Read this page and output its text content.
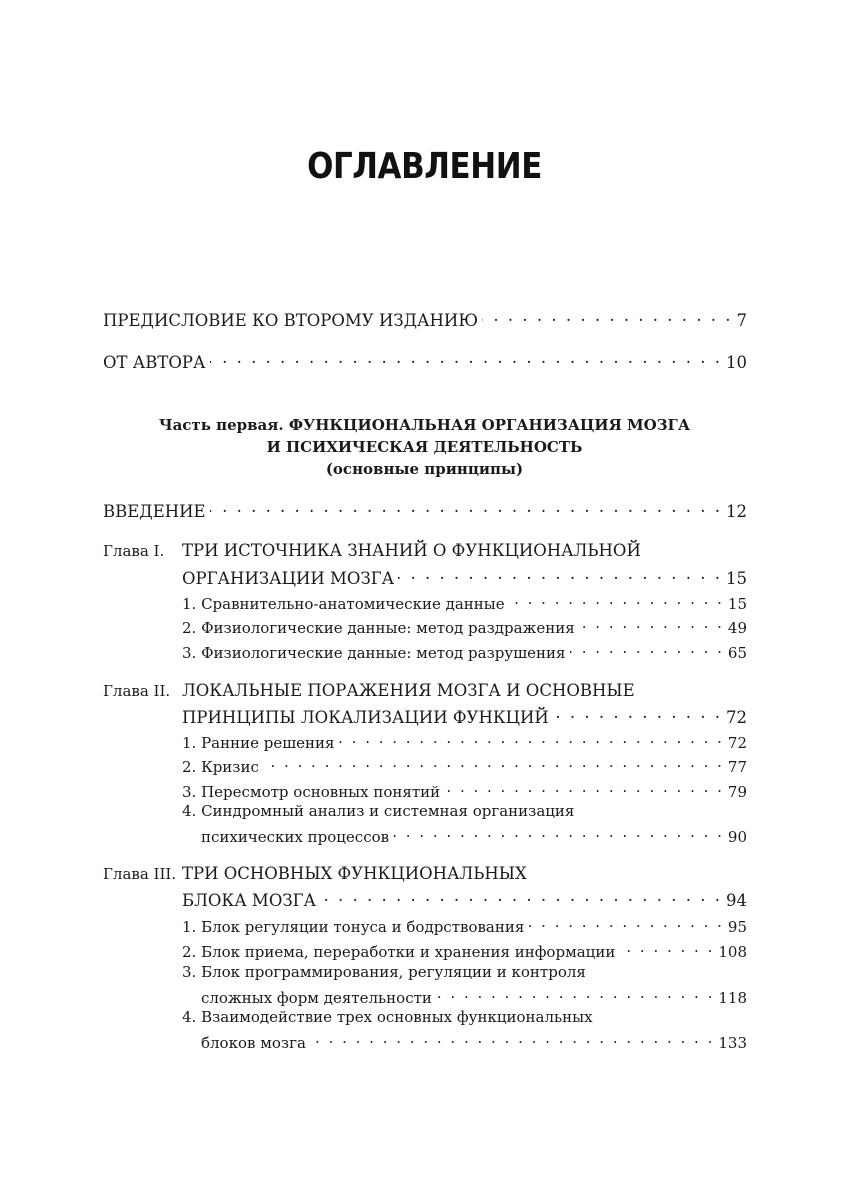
ОГЛАВЛЕНИЕ
ПРЕДИСЛОВИЕ КО ВТОРОМУ ИЗДАНИЮ . . .	7
ОТ АВТОРА . . .	10
Часть первая. ФУНКЦИОНАЛЬНАЯ ОРГАНИЗАЦИЯ МОЗГА
И ПСИХИЧЕСКАЯ ДЕЯТЕЛЬНОСТЬ
(основные принципы)
ВВЕДЕНИЕ . . .	12
Глава I. ТРИ ИСТОЧНИКА ЗНАНИЙ О ФУНКЦИОНАЛЬНОЙ
ОРГАНИЗАЦИИ МОЗГА . . .	15
1. Сравнительно-анатомические данные . . .	15
2. Физиологические данные: метод раздражения . . .	49
3. Физиологические данные: метод разрушения . . .	65
Глава II. ЛОКАЛЬНЫЕ ПОРАЖЕНИЯ МОЗГА И ОСНОВНЫЕ
ПРИНЦИПЫ ЛОКАЛИЗАЦИИ ФУНКЦИЙ . . .	72
1. Ранние решения . . .	72
2. Кризис . . .	77
3. Пересмотр основных понятий . . .	79
4. Синдромный анализ и системная организация
психических процессов . . .	90
Глава III. ТРИ ОСНОВНЫХ ФУНКЦИОНАЛЬНЫХ
БЛОКА МОЗГА . . .	94
1. Блок регуляции тонуса и бодрствования . . .	95
2. Блок приема, переработки и хранения информации . . .	108
3. Блок программирования, регуляции и контроля
сложных форм деятельности . . .	118
4. Взаимодействие трех основных функциональных
блоков мозга . . .	133
